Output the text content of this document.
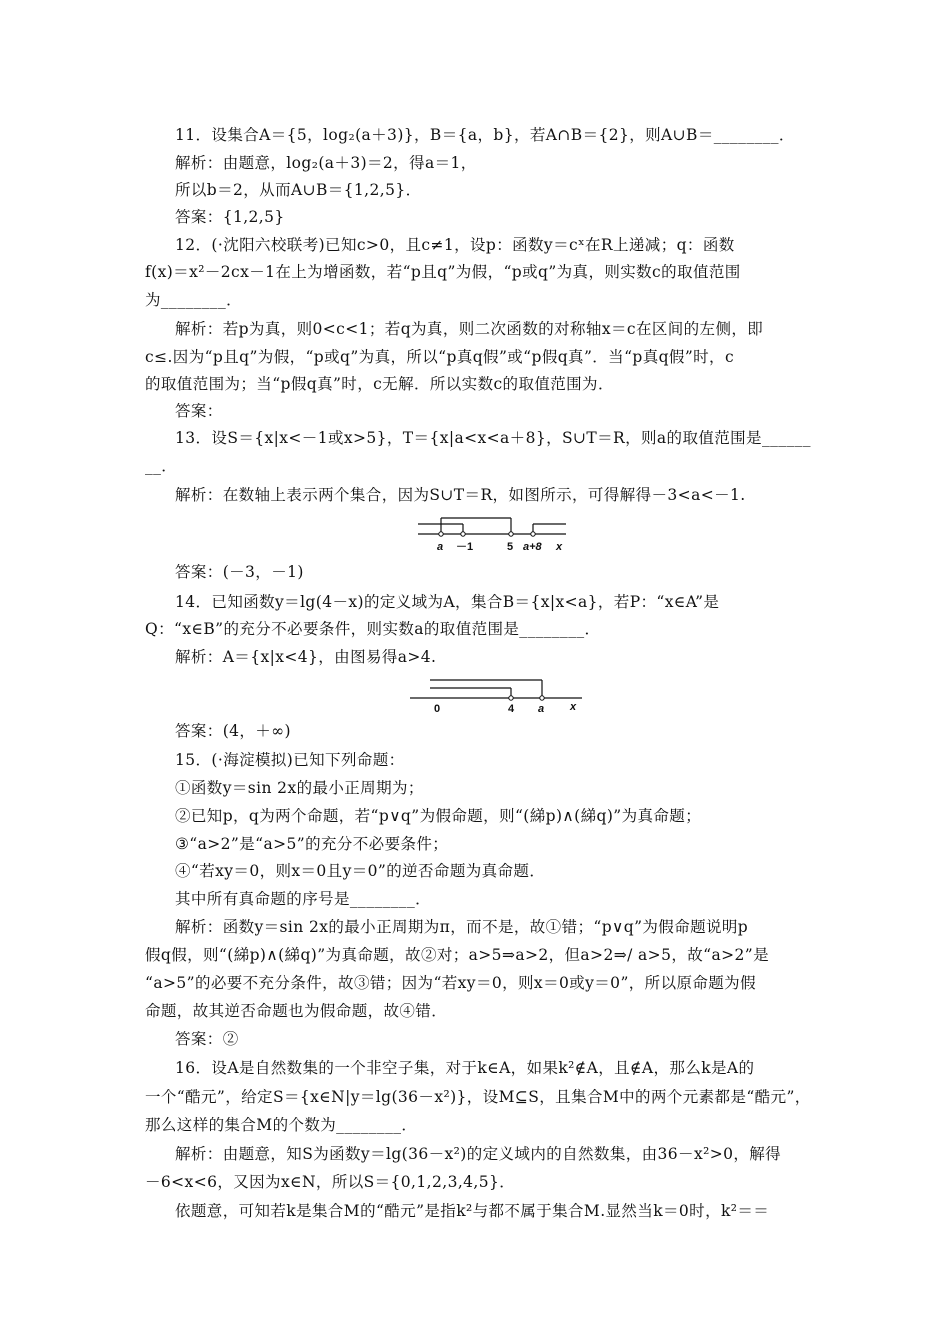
11．设集合A＝{5，log₂(a＋3)}，B＝{a，b}，若A∩B＝{2}，则A∪B＝________．
解析：由题意，log₂(a＋3)＝2，得a＝1，
所以b＝2，从而A∪B＝{1,2,5}．
答案：{1,2,5}
12．(·沈阳六校联考)已知c>0，且c≠1，设p：函数y＝cˣ在R上递减；q：函数
f(x)＝x²－2cx－1在上为增函数，若“p且q”为假，“p或q”为真，则实数c的取值范围
为________．
解析：若p为真，则0<c<1；若q为真，则二次函数的对称轴x＝c在区间的左侧，即
c≤.因为“p且q”为假，“p或q”为真，所以“p真q假”或“p假q真”．当“p真q假”时，c
的取值范围为；当“p假q真”时，c无解．所以实数c的取值范围为．
答案：
13．设S＝{x|x<－1或x>5}，T＝{x|a<x<a＋8}，S∪T＝R，则a的取值范围是______
__．
解析：在数轴上表示两个集合，因为S∪T＝R，如图所示，可得解得－3<a<－1.
a －1	5 a+8 x
答案：(－3，－1)
14．已知函数y＝lg(4－x)的定义域为A，集合B＝{x|x<a}，若P：“x∈A”是
Q：“x∈B”的充分不必要条件，则实数a的取值范围是________．
解析：A＝{x|x<4}，由图易得a>4.
0	4 a x
答案：(4，＋∞)
15．(·海淀模拟)已知下列命题：
①函数y＝sin 2x的最小正周期为；
②已知p，q为两个命题，若“p∨q”为假命题，则“(綈p)∧(綈q)”为真命题；
③“a>2”是“a>5”的充分不必要条件；
④“若xy＝0，则x＝0且y＝0”的逆否命题为真命题．
其中所有真命题的序号是________．
解析：函数y＝sin 2x的最小正周期为π，而不是，故①错；“p∨q”为假命题说明p
假q假，则“(綈p)∧(綈q)”为真命题，故②对；a>5⇒a>2，但a>2⇒/ a>5，故“a>2”是
“a>5”的必要不充分条件，故③错；因为“若xy＝0，则x＝0或y＝0”，所以原命题为假
命题，故其逆否命题也为假命题，故④错．
答案：②
16．设A是自然数集的一个非空子集，对于k∈A，如果k²∉A，且∉A，那么k是A的
一个“酷元”，给定S＝{x∈N|y＝lg(36－x²)}，设M⊆S，且集合M中的两个元素都是“酷元”，
那么这样的集合M的个数为________．
解析：由题意，知S为函数y＝lg(36－x²)的定义域内的自然数集，由36－x²>0，解得
－6<x<6，又因为x∈N，所以S＝{0,1,2,3,4,5}．
依题意，可知若k是集合M的“酷元”是指k²与都不属于集合M.显然当k＝0时，k²＝＝
